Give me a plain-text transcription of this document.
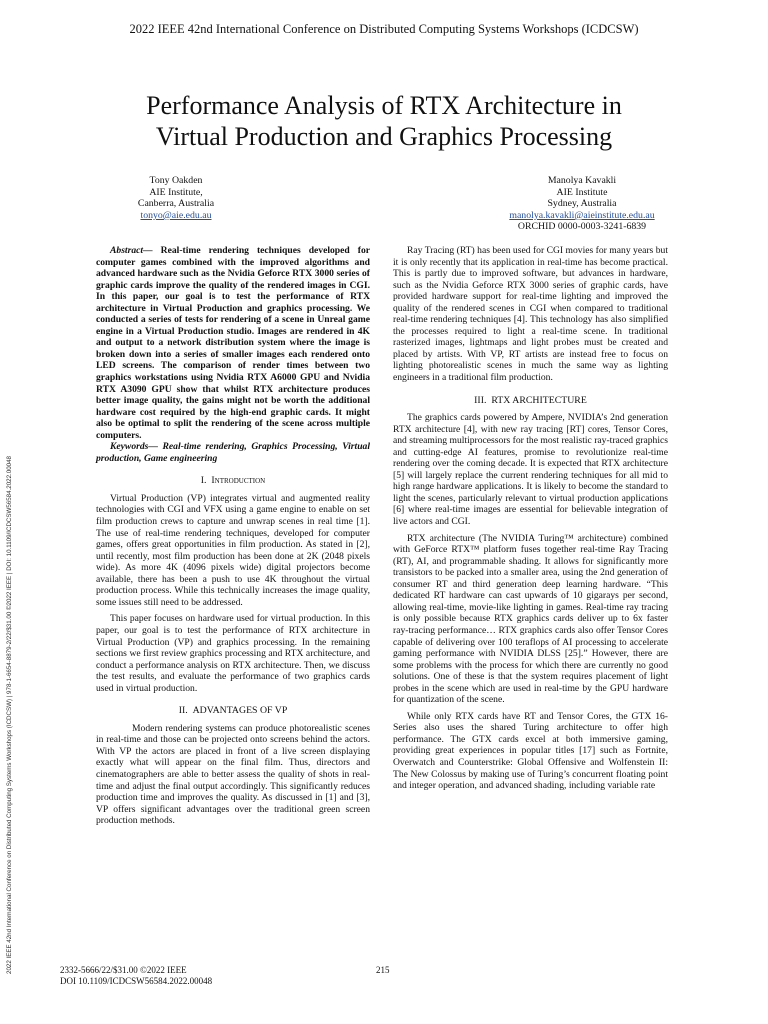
2022 IEEE 42nd International Conference on Distributed Computing Systems Workshops (ICDCSW)
2022 IEEE 42nd International Conference on Distributed Computing Systems Workshops (ICDCSW) | 978-1-6654-8879-2/22/$31.00 ©2022 IEEE | DOI: 10.1109/ICDCSW56584.2022.00048
Performance Analysis of RTX Architecture in
Virtual Production and Graphics Processing
Tony Oakden
AIE Institute,
Canberra, Australia
tonyo@aie.edu.au
Manolya Kavakli
AIE Institute
Sydney, Australia
manolya.kavakli@aieinstitute.edu.au
ORCHID 0000-0003-3241-6839

Abstract— Real-time rendering techniques developed for computer games combined with the improved algorithms and advanced hardware such as the Nvidia Geforce RTX 3000 series of graphic cards improve the quality of the rendered images in CGI. In this paper, our goal is to test the performance of RTX architecture in Virtual Production and graphics processing. We conducted a series of tests for rendering of a scene in Unreal game engine in a Virtual Production studio. Images are rendered in 4K and output to a network distribution system where the image is broken down into a series of smaller images each rendered onto LED screens. The comparison of render times between two graphics workstations using Nvidia RTX A6000 GPU and Nvidia RTX A3090 GPU show that whilst RTX architecture produces better image quality, the gains might not be worth the additional hardware cost required by the high-end graphic cards. It might also be optimal to split the rendering of the scene across multiple computers.

Keywords— Real-time rendering, Graphics Processing, Virtual production, Game engineering

I. Introduction

Virtual Production (VP) integrates virtual and augmented reality technologies with CGI and VFX using a game engine to enable on set film production crews to capture and unwrap scenes in real time [1]. The use of real-time rendering techniques, developed for computer games, offers great opportunities in film production. As stated in [2], until recently, most film production has been done at 2K (2048 pixels wide). As more 4K (4096 pixels wide) digital projectors become available, there has been a push to use 4K throughout the virtual production process. While this technically increases the image quality, some issues still need to be addressed.

This paper focuses on hardware used for virtual production. In this paper, our goal is to test the performance of RTX architecture in Virtual Production (VP) and graphics processing. In the remaining sections we first review graphics processing and RTX architecture, and conduct a performance analysis on RTX architecture. Then, we discuss the test results, and evaluate the performance of two graphics cards used in virtual production.

II. ADVANTAGES OF VP

Modern rendering systems can produce photorealistic scenes in real-time and those can be projected onto screens behind the actors. With VP the actors are placed in front of a live screen displaying exactly what will appear on the final film. Thus, directors and cinematographers are able to better assess the quality of shots in real-time and adjust the final output accordingly. This significantly reduces production time and improves the quality. As discussed in [1] and [3], VP offers significant advantages over the traditional green screen production methods.

Ray Tracing (RT) has been used for CGI movies for many years but it is only recently that its application in real-time has become practical. This is partly due to improved software, but advances in hardware, such as the Nvidia Geforce RTX 3000 series of graphic cards, have provided hardware support for real-time lighting and improved the quality of the rendered scenes in CGI when compared to traditional real-time rendering techniques [4]. This technology has also simplified the processes required to light a real-time scene. In traditional rasterized images, lightmaps and light probes must be created and placed by artists. With VP, RT artists are instead free to focus on lighting photorealistic scenes in much the same way as lighting engineers in a traditional film production.

III. RTX ARCHITECTURE

The graphics cards powered by Ampere, NVIDIA’s 2nd generation RTX architecture [4], with new ray tracing [RT] cores, Tensor Cores, and streaming multiprocessors for the most realistic ray-traced graphics and cutting-edge AI features, promise to revolutionize real-time rendering over the coming decade. It is expected that RTX architecture [5] will largely replace the current rendering techniques for all mid to high range hardware applications. It is likely to become the standard to light the scenes, particularly relevant to virtual production applications [6] where real-time images are essential for believable integration of live actors and CGI.

RTX architecture (The NVIDIA Turing™ architecture) combined with GeForce RTX™ platform fuses together real-time Ray Tracing (RT), AI, and programmable shading. It allows for significantly more transistors to be packed into a smaller area, using the 2nd generation of consumer RT and third generation deep learning hardware. “This dedicated RT hardware can cast upwards of 10 gigarays per second, allowing real-time, movie-like lighting in games. Real-time ray tracing is only possible because RTX graphics cards deliver up to 6x faster ray-tracing performance… RTX graphics cards also offer Tensor Cores capable of delivering over 100 teraflops of AI processing to accelerate gaming performance with NVIDIA DLSS [25].” However, there are some problems with the process for which there are currently no good solutions. One of these is that the system requires placement of light probes in the scene which are used in real-time by the GPU hardware for quantization of the scene.

While only RTX cards have RT and Tensor Cores, the GTX 16-Series also uses the shared Turing architecture to offer high performance. The GTX cards excel at both immersive gaming, providing great experiences in popular titles [17] such as Fortnite, Overwatch and Counterstrike: Global Offensive and Wolfenstein II: The New Colossus by making use of Turing’s concurrent floating point and integer operation, and advanced shading, including variable rate

2332-5666/22/$31.00 ©2022 IEEE
DOI 10.1109/ICDCSW56584.2022.00048
215
